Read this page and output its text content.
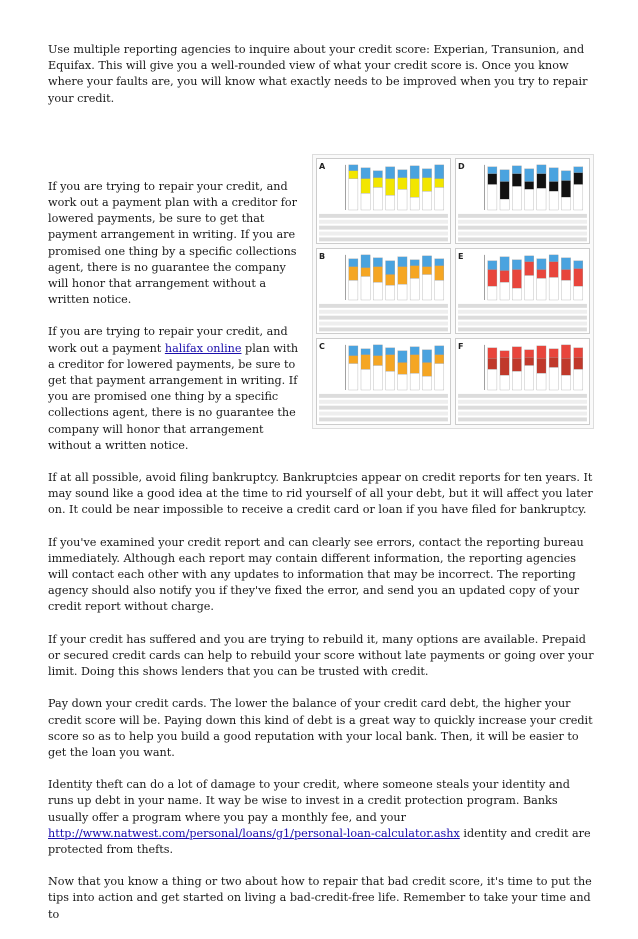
Use multiple reporting agencies to inquire about your credit score: Experian, Transunion, and Equifax. This will give you a well-rounded view of what your credit score is. Once you know where your faults are, you will know what exactly needs to be improved when you try to repair your credit.

A	D
B	E
C	F

If you are trying to repair your credit, and work out a payment plan with a creditor for lowered payments, be sure to get that payment arrangement in writing. If you are promised one thing by a specific collections agent, there is no guarantee the company will honor that arrangement without a written notice.

If you are trying to repair your credit, and work out a payment halifax online plan with a creditor for lowered payments, be sure to get that payment arrangement in writing. If you are promised one thing by a specific collections agent, there is no guarantee the company will honor that arrangement without a written notice.

If at all possible, avoid filing bankruptcy. Bankruptcies appear on credit reports for ten years. It may sound like a good idea at the time to rid yourself of all your debt, but it will affect you later on. It could be near impossible to receive a credit card or loan if you have filed for bankruptcy.

If you've examined your credit report and can clearly see errors, contact the reporting bureau immediately. Although each report may contain different information, the reporting agencies will contact each other with any updates to information that may be incorrect. The reporting agency should also notify you if they've fixed the error, and send you an updated copy of your credit report without charge.

If your credit has suffered and you are trying to rebuild it, many options are available. Prepaid or secured credit cards can help to rebuild your score without late payments or going over your limit. Doing this shows lenders that you can be trusted with credit.

Pay down your credit cards. The lower the balance of your credit card debt, the higher your credit score will be. Paying down this kind of debt is a great way to quickly increase your credit score so as to help you build a good reputation with your local bank. Then, it will be easier to get the loan you want.

Identity theft can do a lot of damage to your credit, where someone steals your identity and runs up debt in your name. It way be wise to invest in a credit protection program. Banks usually offer a program where you pay a monthly fee, and your http://www.natwest.com/personal/loans/g1/personal-loan-calculator.ashx identity and credit are protected from thefts.

Now that you know a thing or two about how to repair that bad credit score, it's time to put the tips into action and get started on living a bad-credit-free life. Remember to take your time and to
